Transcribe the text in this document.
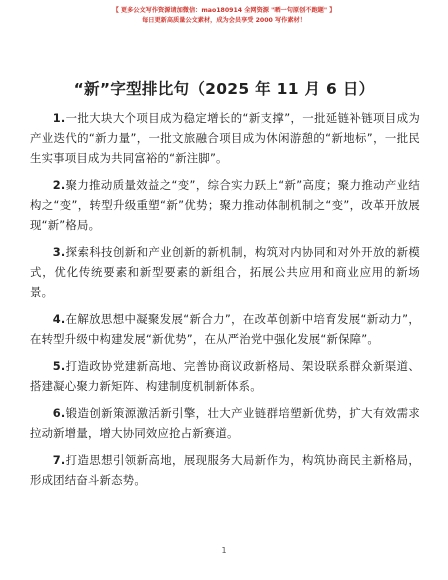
【 更多公文写作资源请加微信：mao180914 全网资源 "晒一句原创不跑题" 】
每日更新高质量公文素材，成为会员享受 2000 写作素材！
“新”字型排比句（2025 年 11 月 6 日）

1.一批大块大个项目成为稳定增长的“新支撑”，一批延链补链项目成为产业迭代的“新力量”，一批文旅融合项目成为休闲游憩的“新地标”，一批民生实事项目成为共同富裕的“新注脚”。

2.聚力推动质量效益之“变”，综合实力跃上“新”高度；聚力推动产业结构之“变”，转型升级重塑“新”优势；聚力推动体制机制之“变”，改革开放展现“新”格局。

3.探索科技创新和产业创新的新机制，构筑对内协同和对外开放的新模式，优化传统要素和新型要素的新组合，拓展公共应用和商业应用的新场景。

4.在解放思想中凝聚发展“新合力”，在改革创新中培育发展“新动力”，在转型升级中构建发展“新优势”，在从严治党中强化发展“新保障”。

5.打造政协党建新高地、完善协商议政新格局、架设联系群众新渠道、搭建凝心聚力新矩阵、构建制度机制新体系。

6.锻造创新策源激活新引擎，壮大产业链群培塑新优势，扩大有效需求拉动新增量，增大协同效应抢占新赛道。

7.打造思想引领新高地，展现服务大局新作为，构筑协商民主新格局，形成团结奋斗新态势。

1
